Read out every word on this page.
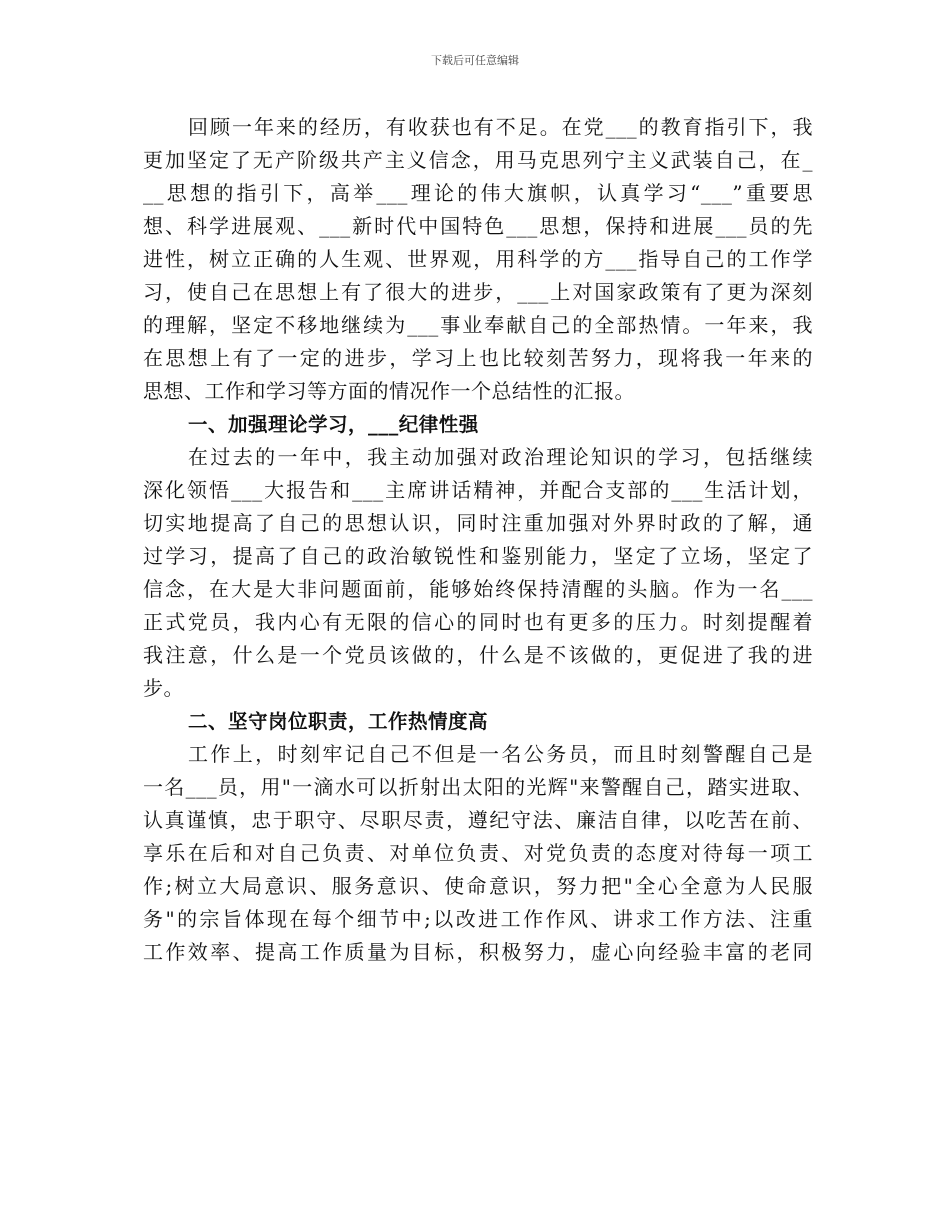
下载后可任意编辑
回顾一年来的经历，有收获也有不足。在党___的教育指引下，我
更加坚定了无产阶级共产主义信念，用马克思列宁主义武装自己，在_
__思想的指引下，高举___理论的伟大旗帜，认真学习“___”重要思
想、科学进展观、___新时代中国特色___思想，保持和进展___员的先
进性，树立正确的人生观、世界观，用科学的方___指导自己的工作学
习，使自己在思想上有了很大的进步，___上对国家政策有了更为深刻
的理解，坚定不移地继续为___事业奉献自己的全部热情。一年来，我
在思想上有了一定的进步，学习上也比较刻苦努力，现将我一年来的
思想、工作和学习等方面的情况作一个总结性的汇报。
一、加强理论学习，___纪律性强
在过去的一年中，我主动加强对政治理论知识的学习，包括继续
深化领悟___大报告和___主席讲话精神，并配合支部的___生活计划，
切实地提高了自己的思想认识，同时注重加强对外界时政的了解，通
过学习，提高了自己的政治敏锐性和鉴别能力，坚定了立场，坚定了
信念，在大是大非问题面前，能够始终保持清醒的头脑。作为一名___
正式党员，我内心有无限的信心的同时也有更多的压力。时刻提醒着
我注意，什么是一个党员该做的，什么是不该做的，更促进了我的进
步。
二、坚守岗位职责，工作热情度高
工作上，时刻牢记自己不但是一名公务员，而且时刻警醒自己是
一名___员，用"一滴水可以折射出太阳的光辉"来警醒自己，踏实进取、
认真谨慎，忠于职守、尽职尽责，遵纪守法、廉洁自律，以吃苦在前、
享乐在后和对自己负责、对单位负责、对党负责的态度对待每一项工
作;树立大局意识、服务意识、使命意识，努力把"全心全意为人民服
务"的宗旨体现在每个细节中;以改进工作作风、讲求工作方法、注重
工作效率、提高工作质量为目标，积极努力，虚心向经验丰富的老同
